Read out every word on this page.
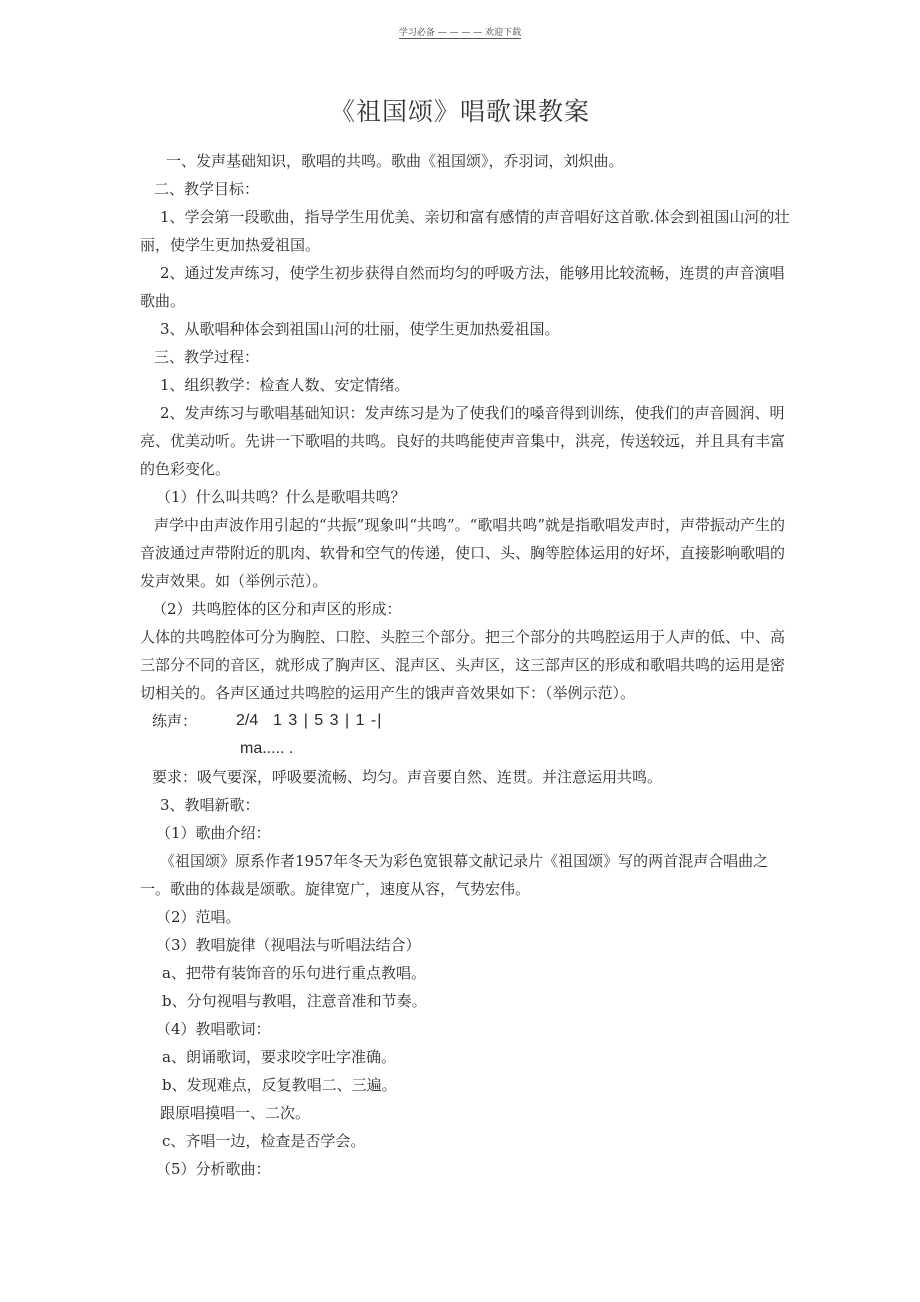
学习必备 — — — — 欢迎下载
《祖国颂》唱歌课教案

一、发声基础知识，歌唱的共鸣。歌曲《祖国颂》，乔羽词，刘炽曲。

二、教学目标：

1、学会第一段歌曲，指导学生用优美、亲切和富有感情的声音唱好这首歌.体会到祖国山河的壮丽，使学生更加热爱祖国。

2、通过发声练习，使学生初步获得自然而均匀的呼吸方法，能够用比较流畅，连贯的声音演唱歌曲。

3、从歌唱种体会到祖国山河的壮丽，使学生更加热爱祖国。

三、教学过程：

1、组织教学：检查人数、安定情绪。

2、发声练习与歌唱基础知识：发声练习是为了使我们的嗓音得到训练，使我们的声音圆润、明亮、优美动听。先讲一下歌唱的共鸣。良好的共鸣能使声音集中，洪亮，传送较远，并且具有丰富的色彩变化。

（1）什么叫共鸣？什么是歌唱共鸣？

声学中由声波作用引起的“共振”现象叫“共鸣”。“歌唱共鸣”就是指歌唱发声时，声带振动产生的音波通过声带附近的肌肉、软骨和空气的传递，使口、头、胸等腔体运用的好坏，直接影响歌唱的发声效果。如（举例示范）。

（2）共鸣腔体的区分和声区的形成：

人体的共鸣腔体可分为胸腔、口腔、头腔三个部分。把三个部分的共鸣腔运用于人声的低、中、高三部分不同的音区，就形成了胸声区、混声区、头声区，这三部声区的形成和歌唱共鸣的运用是密切相关的。各声区通过共鸣腔的运用产生的饿声音效果如下：（举例示范）。

练声： 2/4 1 3 | 5 3 | 1 -|
ma..... .

要求：吸气要深，呼吸要流畅、均匀。声音要自然、连贯。并注意运用共鸣。

3、教唱新歌：

（1）歌曲介绍：

《祖国颂》原系作者1957年冬天为彩色宽银幕文献记录片《祖国颂》写的两首混声合唱曲之一。歌曲的体裁是颂歌。旋律宽广，速度从容，气势宏伟。

（2）范唱。

（3）教唱旋律（视唱法与听唱法结合）

a、把带有装饰音的乐句进行重点教唱。

b、分句视唱与教唱，注意音准和节奏。

（4）教唱歌词：

a、朗诵歌词，要求咬字吐字准确。

b、发现难点，反复教唱二、三遍。

跟原唱摸唱一、二次。

c、齐唱一边，检查是否学会。

（5）分析歌曲：
